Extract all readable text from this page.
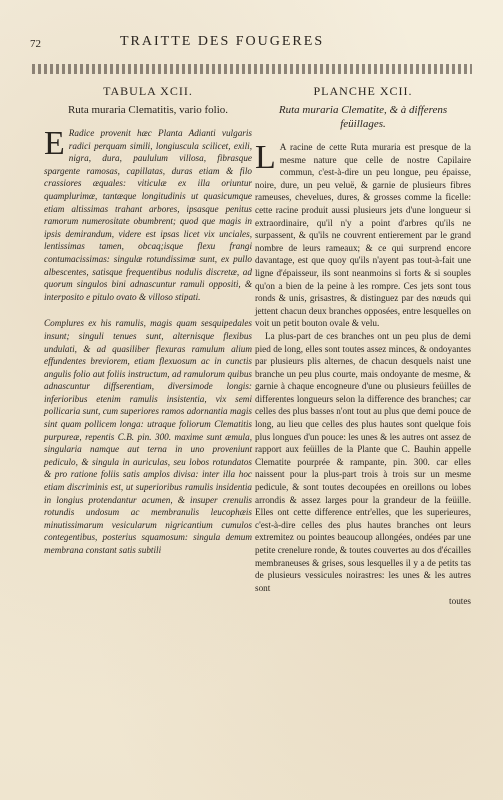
72	TRAITTE DES FOUGERES
TABULA XCII.
Ruta muraria Clematitis, vario folio.

E Radice provenit hæc Planta Adianti vulgaris radici perquam simili, longiuscula scilicet, exili, nigra, dura, paululum villosa, fibrasque spargente ramosas, capillatas, duras etiam & filo crassiores æquales: viticulæ ex illa oriuntur quamplurimæ, tantæque longitudinis ut quasicumque etiam altissimas trahant arbores, ipsasque penitus ramorum numerositate obumbrent; quod que magis in ipsis demirandum, videre est ipsas licet vix unciales, lentissimas tamen, obcaq;isque flexu frangi contumacissimas: singulæ rotundissimæ sunt, ex pullo albescentes, satisque frequentibus nodulis discretæ, ad quorum singulos bini adnascuntur ramuli oppositi, & interposito e pitulo ovato & villoso stipati.

Complures ex his ramulis, magis quam sesquipedales insunt; singuli tenues sunt, alternisque flexibus undulati, & ad quasiliber flexuras ramulum alium effundentes breviorem, etiam flexuosum ac in cunctis angulis folio aut foliis instructum, ad ramulorum quibus adnascuntur diffserentiam, diversimode longis: inferioribus etenim ramulis insistentia, vix semi pollicaria sunt, cum superiores ramos adornantia magis sint quam pollicem longa: utraque foliorum Clematitis purpureæ, repentis C.B. pin. 300. maxime sunt æmula, singularia namque aut terna in uno proveniunt pediculo, & singula in auriculas, seu lobos rotundatos & pro ratione foliis satis amplos divisa: inter illa hoc etiam discriminis est, ut superioribus ramulis insidentia in longius protendantur acumen, & insuper crenulis rotundis undosum ac membranulis leucophæis minutissimarum vesicularum nigricantium cumulos contegentibus, posterius squamosum: singula demum membrana constant satis subtili

PLANCHE XCII.
Ruta muraria Clematite, & à differens feüillages.

L A racine de cette Ruta muraria est presque de la mesme nature que celle de nostre Capilaire commun, c'est-à-dire un peu longue, peu épaisse, noire, dure, un peu veluë, & garnie de plusieurs fibres rameuses, chevelues, dures, & grosses comme la ficelle: cette racine produit aussi plusieurs jets d'une longueur si extraordinaire, qu'il n'y a point d'arbres qu'ils ne surpassent, & qu'ils ne couvrent entierement par le grand nombre de leurs rameaux; & ce qui surprend encore davantage, est que quoy qu'ils n'ayent pas tout-à-fait une ligne d'épaisseur, ils sont neanmoins si forts & si souples qu'on a bien de la peine à les rompre. Ces jets sont tous ronds & unis, grisastres, & distinguez par des nœuds qui jettent chacun deux branches opposées, entre lesquelles on voit un petit bouton ovale & velu.

La plus-part de ces branches ont un peu plus de demi pied de long, elles sont toutes assez minces, & ondoyantes par plusieurs plis alternes, de chacun desquels naist une branche un peu plus courte, mais ondoyante de mesme, & garnie à chaque encogneure d'une ou plusieurs feüilles de differentes longueurs selon la difference des branches; car celles des plus basses n'ont tout au plus que demi pouce de long, au lieu que celles des plus hautes sont quelque fois plus longues d'un pouce: les unes & les autres ont assez de rapport aux feüilles de la Plante que C. Bauhin appelle Clematite pourprée & rampante, pin. 300. car elles naissent pour la plus-part trois à trois sur un mesme pedicule, & sont toutes decoupées en oreillons ou lobes arrondis & assez larges pour la grandeur de la feüille. Elles ont cette difference entr'elles, que les superieures, c'est-à-dire celles des plus hautes branches ont leurs extremitez ou pointes beaucoup allongées, ondées par une petite crenelure ronde, & toutes couvertes au dos d'écailles membraneuses & grises, sous lesquelles il y a de petits tas de plusieurs vessicules noirastres: les unes & les autres sont

toutes
